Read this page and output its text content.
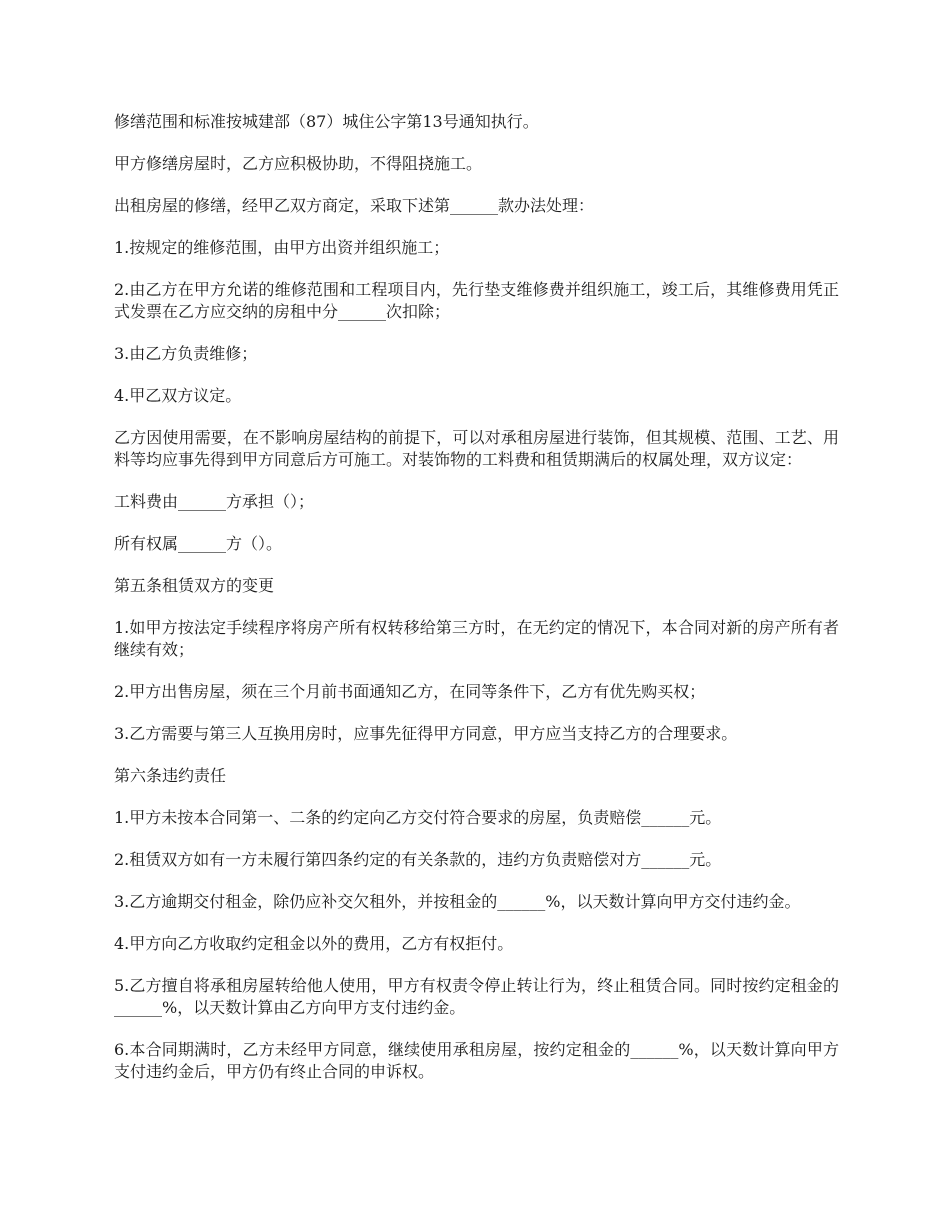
修缮范围和标准按城建部（87）城住公字第13号通知执行。

甲方修缮房屋时，乙方应积极协助，不得阻挠施工。

出租房屋的修缮，经甲乙双方商定，采取下述第______款办法处理：

1.按规定的维修范围，由甲方出资并组织施工；

2.由乙方在甲方允诺的维修范围和工程项目内，先行垫支维修费并组织施工，竣工后，其维修费用凭正式发票在乙方应交纳的房租中分______次扣除；

3.由乙方负责维修；

4.甲乙双方议定。

乙方因使用需要，在不影响房屋结构的前提下，可以对承租房屋进行装饰，但其规模、范围、工艺、用料等均应事先得到甲方同意后方可施工。对装饰物的工料费和租赁期满后的权属处理，双方议定：

工料费由______方承担（）；

所有权属______方（）。

第五条租赁双方的变更

1.如甲方按法定手续程序将房产所有权转移给第三方时，在无约定的情况下，本合同对新的房产所有者继续有效；

2.甲方出售房屋，须在三个月前书面通知乙方，在同等条件下，乙方有优先购买权；

3.乙方需要与第三人互换用房时，应事先征得甲方同意，甲方应当支持乙方的合理要求。

第六条违约责任

1.甲方未按本合同第一、二条的约定向乙方交付符合要求的房屋，负责赔偿______元。

2.租赁双方如有一方未履行第四条约定的有关条款的，违约方负责赔偿对方______元。

3.乙方逾期交付租金，除仍应补交欠租外，并按租金的______%，以天数计算向甲方交付违约金。

4.甲方向乙方收取约定租金以外的费用，乙方有权拒付。

5.乙方擅自将承租房屋转给他人使用，甲方有权责令停止转让行为，终止租赁合同。同时按约定租金的______%，以天数计算由乙方向甲方支付违约金。

6.本合同期满时，乙方未经甲方同意，继续使用承租房屋，按约定租金的______%，以天数计算向甲方支付违约金后，甲方仍有终止合同的申诉权。
